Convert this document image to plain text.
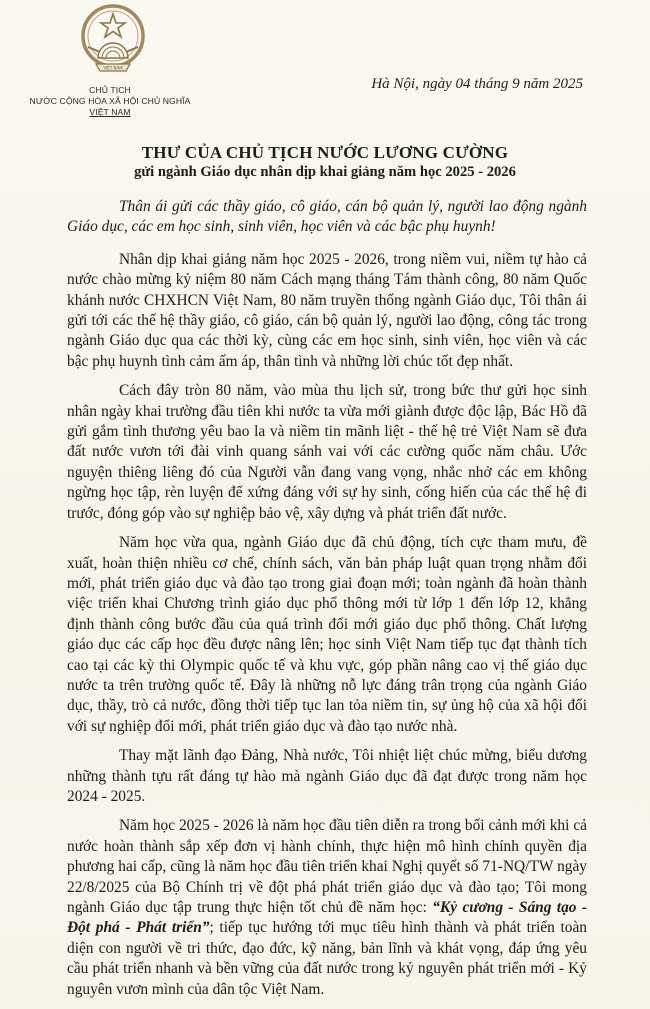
VIỆT NAM
CHỦ TỊCH
NƯỚC CỘNG HÒA XÃ HỘI CHỦ NGHĨA
VIỆT NAM
Hà Nội, ngày 04 tháng 9 năm 2025
THƯ CỦA CHỦ TỊCH NƯỚC LƯƠNG CƯỜNG
gửi ngành Giáo dục nhân dịp khai giảng năm học 2025 - 2026

Thân ái gửi các thầy giáo, cô giáo, cán bộ quản lý, người lao động ngành Giáo dục, các em học sinh, sinh viên, học viên và các bậc phụ huynh!

Nhân dịp khai giảng năm học 2025 - 2026, trong niềm vui, niềm tự hào cả nước chào mừng kỷ niệm 80 năm Cách mạng tháng Tám thành công, 80 năm Quốc khánh nước CHXHCN Việt Nam, 80 năm truyền thống ngành Giáo dục, Tôi thân ái gửi tới các thế hệ thầy giáo, cô giáo, cán bộ quản lý, người lao động, công tác trong ngành Giáo dục qua các thời kỳ, cùng các em học sinh, sinh viên, học viên và các bậc phụ huynh tình cảm ấm áp, thân tình và những lời chúc tốt đẹp nhất.

Cách đây tròn 80 năm, vào mùa thu lịch sử, trong bức thư gửi học sinh nhân ngày khai trường đầu tiên khi nước ta vừa mới giành được độc lập, Bác Hồ đã gửi gắm tình thương yêu bao la và niềm tin mãnh liệt - thế hệ trẻ Việt Nam sẽ đưa đất nước vươn tới đài vinh quang sánh vai với các cường quốc năm châu. Ước nguyện thiêng liêng đó của Người vẫn đang vang vọng, nhắc nhở các em không ngừng học tập, rèn luyện để xứng đáng với sự hy sinh, cống hiến của các thế hệ đi trước, đóng góp vào sự nghiệp bảo vệ, xây dựng và phát triển đất nước.

Năm học vừa qua, ngành Giáo dục đã chủ động, tích cực tham mưu, đề xuất, hoàn thiện nhiều cơ chế, chính sách, văn bản pháp luật quan trọng nhằm đổi mới, phát triển giáo dục và đào tạo trong giai đoạn mới; toàn ngành đã hoàn thành việc triển khai Chương trình giáo dục phổ thông mới từ lớp 1 đến lớp 12, khẳng định thành công bước đầu của quá trình đổi mới giáo dục phổ thông. Chất lượng giáo dục các cấp học đều được nâng lên; học sinh Việt Nam tiếp tục đạt thành tích cao tại các kỳ thi Olympic quốc tế và khu vực, góp phần nâng cao vị thế giáo dục nước ta trên trường quốc tế. Đây là những nỗ lực đáng trân trọng của ngành Giáo dục, thầy, trò cả nước, đồng thời tiếp tục lan tỏa niềm tin, sự ủng hộ của xã hội đối với sự nghiệp đổi mới, phát triển giáo dục và đào tạo nước nhà.

Thay mặt lãnh đạo Đảng, Nhà nước, Tôi nhiệt liệt chúc mừng, biểu dương những thành tựu rất đáng tự hào mà ngành Giáo dục đã đạt được trong năm học 2024 - 2025.

Năm học 2025 - 2026 là năm học đầu tiên diễn ra trong bối cảnh mới khi cả nước hoàn thành sắp xếp đơn vị hành chính, thực hiện mô hình chính quyền địa phương hai cấp, cũng là năm học đầu tiên triển khai Nghị quyết số 71-NQ/TW ngày 22/8/2025 của Bộ Chính trị về đột phá phát triển giáo dục và đào tạo; Tôi mong ngành Giáo dục tập trung thực hiện tốt chủ đề năm học: “Kỷ cương - Sáng tạo - Đột phá - Phát triển”; tiếp tục hướng tới mục tiêu hình thành và phát triển toàn diện con người về tri thức, đạo đức, kỹ năng, bản lĩnh và khát vọng, đáp ứng yêu cầu phát triển nhanh và bền vững của đất nước trong kỷ nguyên phát triển mới - Kỷ nguyên vươn mình của dân tộc Việt Nam.
